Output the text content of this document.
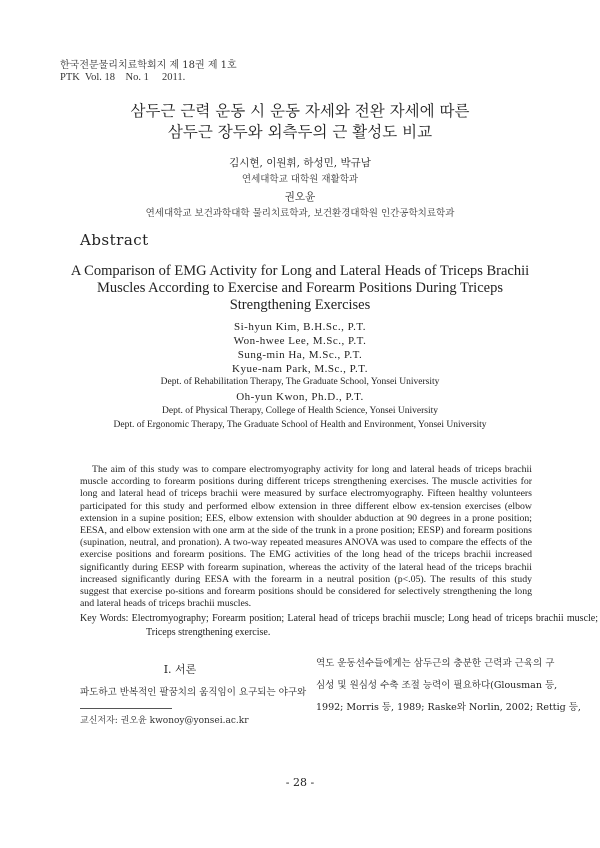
한국전문물리치료학회지 제 18권 제 1호
PTK  Vol. 18    No. 1     2011.
삼두근 근력 운동 시 운동 자세와 전완 자세에 따른
삼두근 장두와 외측두의 근 활성도 비교
김시현, 이원휘, 하성민, 박규남
연세대학교 대학원 재활학과
권오윤
연세대학교 보건과학대학 물리치료학과, 보건환경대학원 인간공학치료학과
Abstract
A Comparison of EMG Activity for Long and Lateral Heads of Triceps Brachii
Muscles According to Exercise and Forearm Positions During Triceps
Strengthening Exercises
Si-hyun Kim, B.H.Sc., P.T.
Won-hwee Lee, M.Sc., P.T.
Sung-min Ha, M.Sc., P.T.
Kyue-nam Park, M.Sc., P.T.
Dept. of Rehabilitation Therapy, The Graduate School, Yonsei University
Oh-yun Kwon, Ph.D., P.T.
Dept. of Physical Therapy, College of Health Science, Yonsei University
Dept. of Ergonomic Therapy, The Graduate School of Health and Environment, Yonsei University
The aim of this study was to compare electromyography activity for long and lateral heads of triceps brachii muscle according to forearm positions during different triceps strengthening exercises. The muscle activities for long and lateral head of triceps brachii were measured by surface electromyography. Fifteen healthy volunteers participated for this study and performed elbow extension in three different elbow ex-tension exercises (elbow extension in a supine position; EES, elbow extension with shoulder abduction at 90 degrees in a prone position; EESA, and elbow extension with one arm at the side of the trunk in a prone position; EESP) and forearm positions (supination, neutral, and pronation). A two-way repeated measures ANOVA was used to compare the effects of the exercise positions and forearm positions. The EMG activities of the long head of the triceps brachii increased significantly during EESP with forearm supination, whereas the activity of the lateral head of the triceps brachii increased significantly during EESA with the forearm in a neutral position (p<.05). The results of this study suggest that exercise po-sitions and forearm positions should be considered for selectively strengthening the long and lateral heads of triceps brachii muscles.
Key Words: Electromyography; Forearm position; Lateral head of triceps brachii muscle; Long head of triceps brachii muscle; Triceps strengthening exercise.
Ⅰ. 서론
파도하고 반복적인 팔꿈치의 움직임이 요구되는 야구와
역도 운동선수들에게는 삼두근의 충분한 근력과 근육의 구
심성 및 원심성 수축 조절 능력이 필요하다(Glousman 등,
1992; Morris 등, 1989; Raske와 Norlin, 2002; Rettig 등,
교신저자: 권오윤 kwonoy@yonsei.ac.kr
- 28 -
